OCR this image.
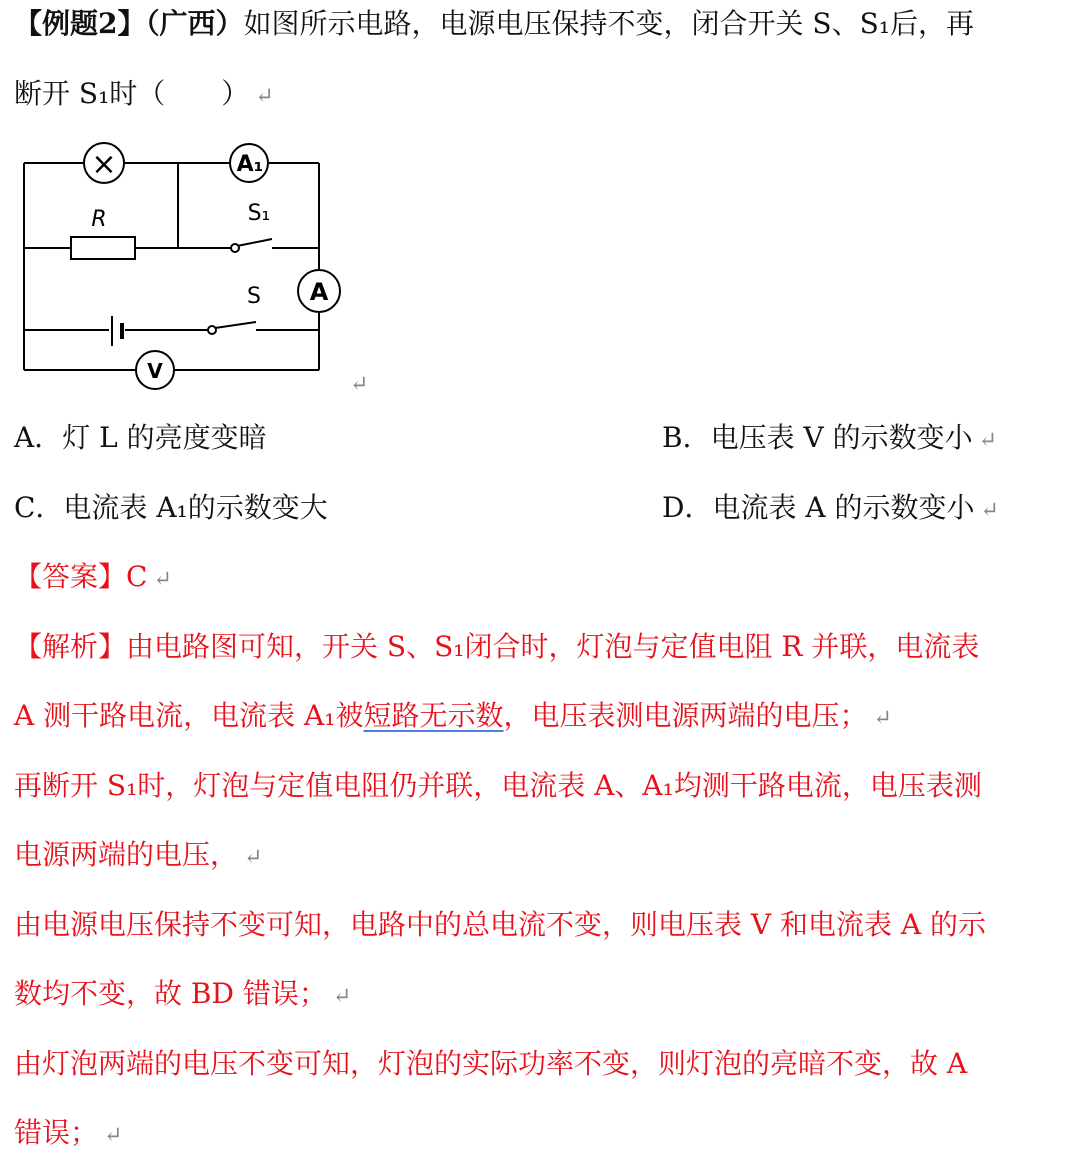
【例题2】（广西）如图所示电路，电源电压保持不变，闭合开关 S、S₁后，再
断开 S₁时（　　） ↵
×	A₁
R	S₁
A
S
V
↵
A．灯 L 的亮度变暗	B．电压表 V 的示数变小 ↵
C．电流表 A₁的示数变大	D．电流表 A 的示数变小 ↵
【答案】C ↵
【解析】由电路图可知，开关 S、S₁闭合时，灯泡与定值电阻 R 并联，电流表
A 测干路电流，电流表 A₁被短路无示数，电压表测电源两端的电压； ↵
再断开 S₁时，灯泡与定值电阻仍并联，电流表 A、A₁均测干路电流，电压表测
电源两端的电压， ↵
由电源电压保持不变可知，电路中的总电流不变，则电压表 V 和电流表 A 的示
数均不变，故 BD 错误； ↵
由灯泡两端的电压不变可知，灯泡的实际功率不变，则灯泡的亮暗不变，故 A
错误； ↵
